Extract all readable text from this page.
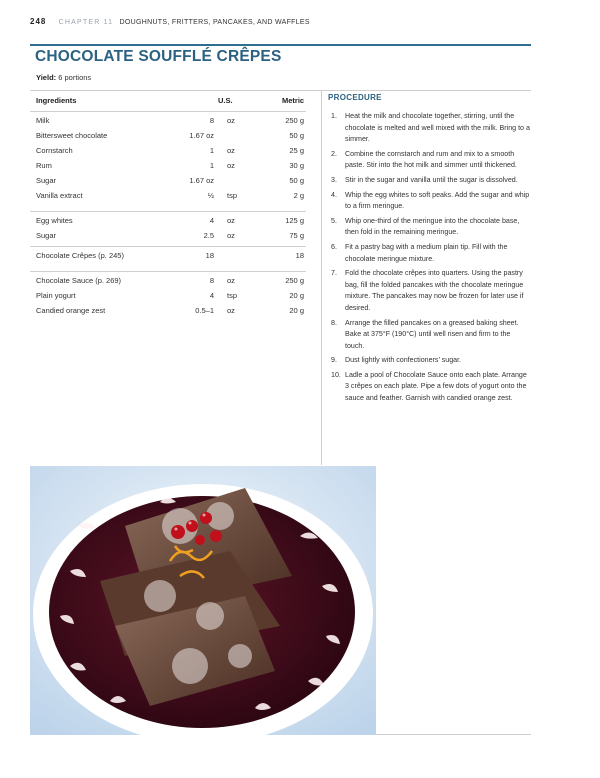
248 CHAPTER 11 DOUGHNUTS, FRITTERS, PANCAKES, AND WAFFLES
CHOCOLATE SOUFFLÉ CRÊPES
Yield: 6 portions
Ingredients	U.S.	Metric
Milk	8 oz	250 g
Bittersweet chocolate	1.67 oz	50 g
Cornstarch	1 oz	25 g
Rum	1 oz	30 g
Sugar	1.67 oz	50 g
Vanilla extract	½ tsp	2 g
Egg whites	4 oz	125 g
Sugar	2.5 oz	75 g
Chocolate Crêpes (p. 245)	18	18
Chocolate Sauce (p. 269)	8 oz	250 g
Plain yogurt	4 tsp	20 g
Candied orange zest	0.5–1 oz	20 g
PROCEDURE
1. Heat the milk and chocolate together, stirring, until the chocolate is melted and well mixed with the milk. Bring to a simmer.
2. Combine the cornstarch and rum and mix to a smooth paste. Stir into the hot milk and simmer until thickened.
3. Stir in the sugar and vanilla until the sugar is dissolved.
4. Whip the egg whites to soft peaks. Add the sugar and whip to a firm meringue.
5. Whip one-third of the meringue into the chocolate base, then fold in the remaining meringue.
6. Fit a pastry bag with a medium plain tip. Fill with the chocolate meringue mixture.
7. Fold the chocolate crêpes into quarters. Using the pastry bag, fill the folded pancakes with the chocolate meringue mixture. The pancakes may now be frozen for later use if desired.
8. Arrange the filled pancakes on a greased baking sheet. Bake at 375°F (190°C) until well risen and firm to the touch.
9. Dust lightly with confectioners’ sugar.
10. Ladle a pool of Chocolate Sauce onto each plate. Arrange 3 crêpes on each plate. Pipe a few dots of yogurt onto the sauce and feather. Garnish with candied orange zest.
